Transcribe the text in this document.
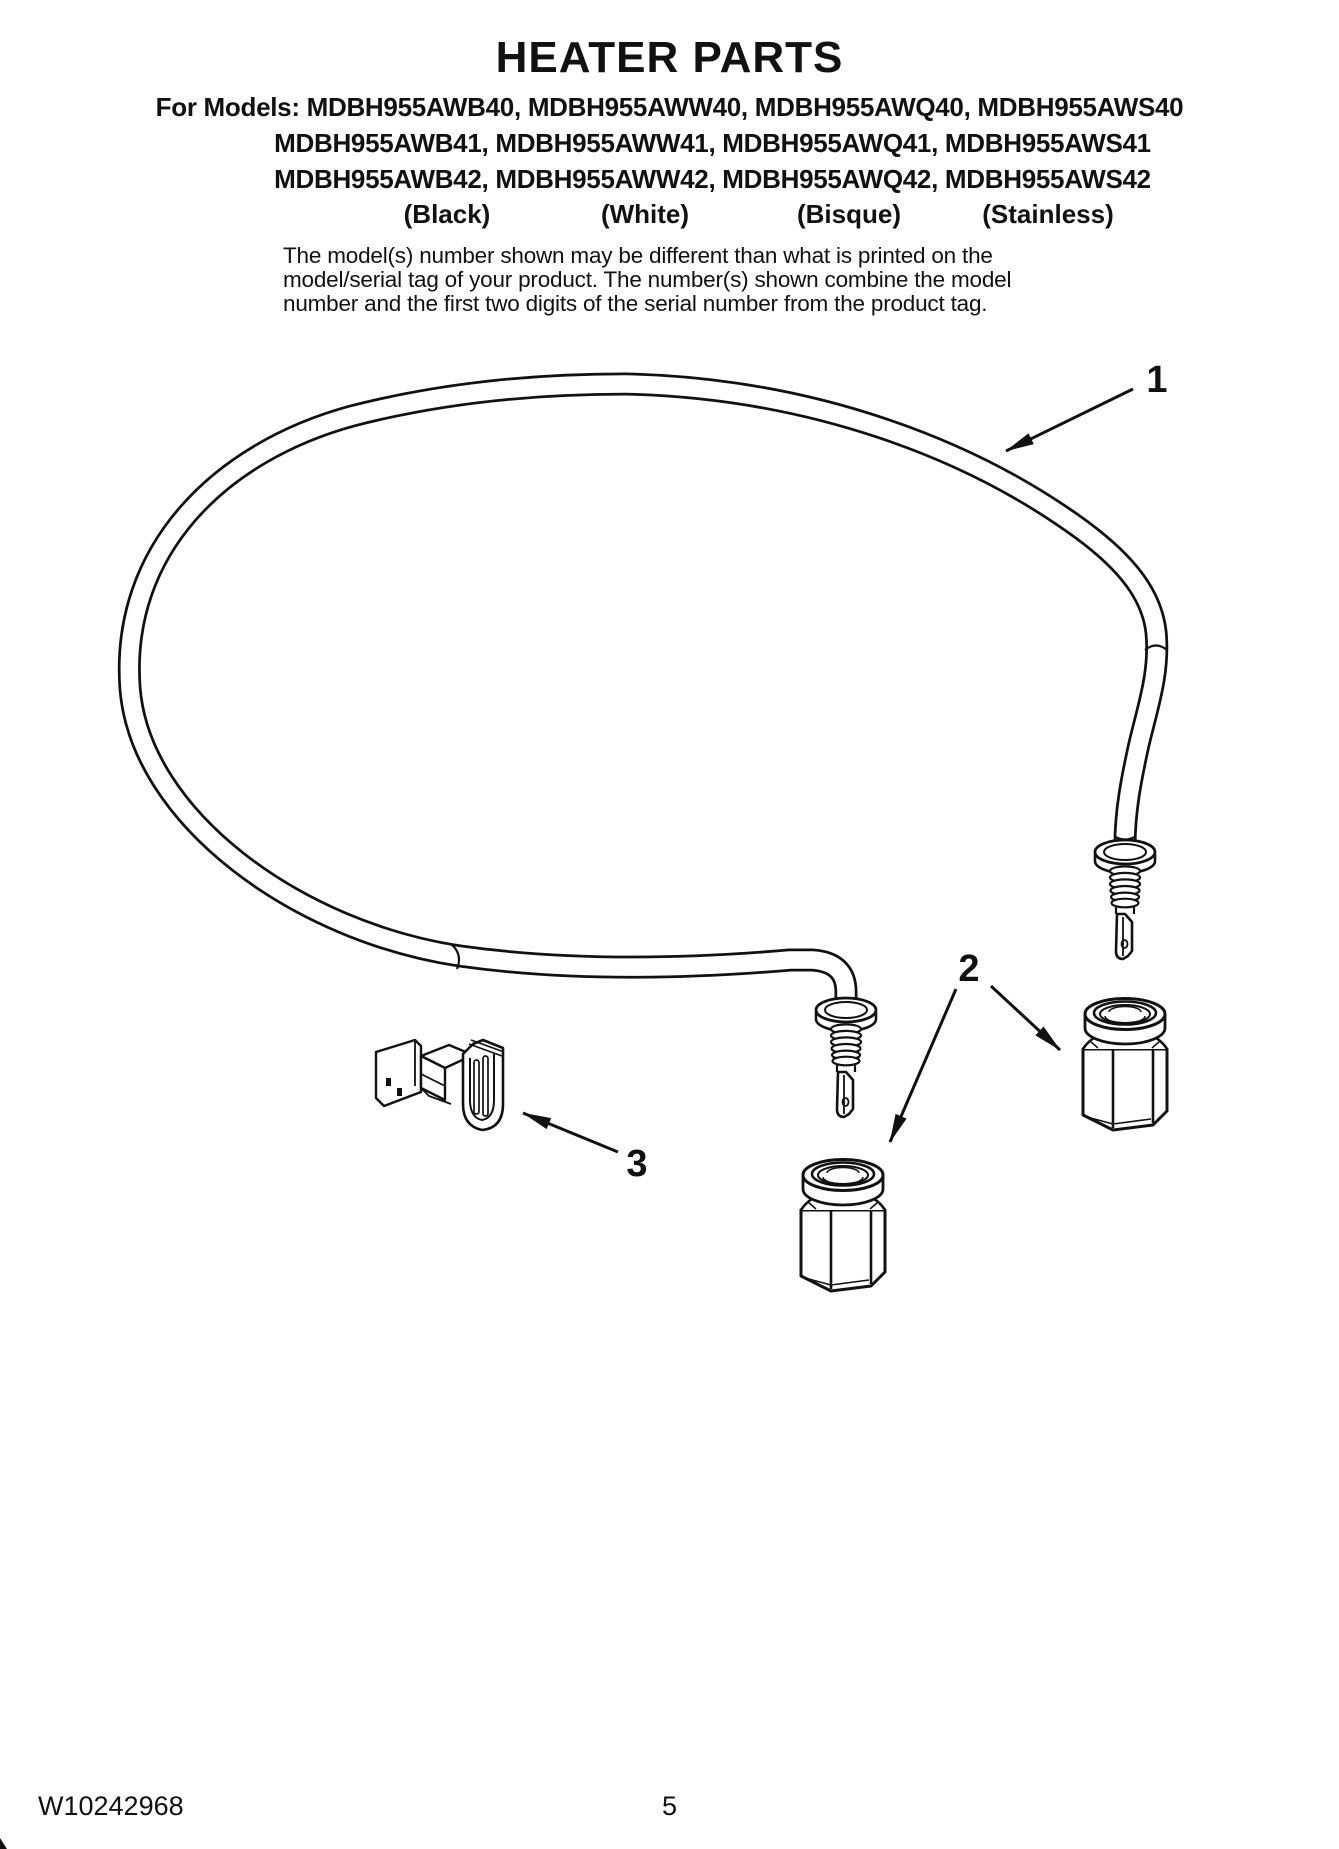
HEATER PARTS
For Models: MDBH955AWB40, MDBH955AWW40, MDBH955AWQ40, MDBH955AWS40
MDBH955AWB41, MDBH955AWW41, MDBH955AWQ41, MDBH955AWS41
MDBH955AWB42, MDBH955AWW42, MDBH955AWQ42, MDBH955AWS42
(Black)	(White)	(Bisque)	(Stainless)
The model(s) number shown may be different than what is printed on the
model/serial tag of your product. The number(s) shown combine the model
number and the first two digits of the serial number from the product tag.
1
2
3
W10242968	5
